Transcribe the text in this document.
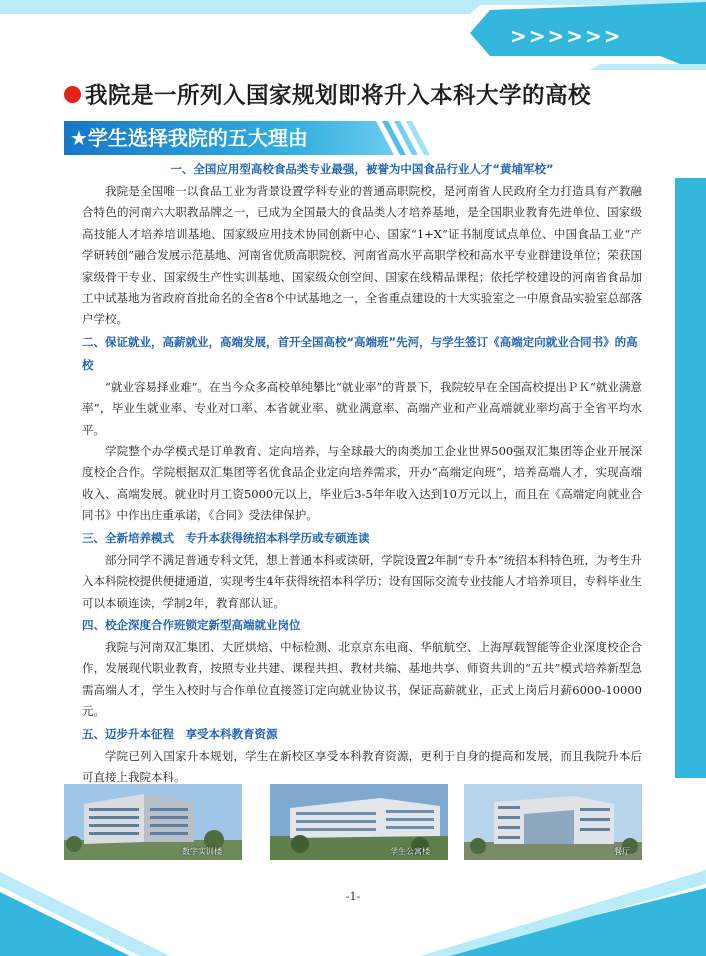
>>>>>>
我院是一所列入国家规划即将升入本科大学的高校
★学生选择我院的五大理由

一、全国应用型高校食品类专业最强，被誉为中国食品行业人才“黄埔军校”

我院是全国唯一以食品工业为背景设置学科专业的普通高职院校，是河南省人民政府全力打造具有产教融合特色的河南六大职教品牌之一，已成为全国最大的食品类人才培养基地，是全国职业教育先进单位、国家级高技能人才培养培训基地、国家级应用技术协同创新中心、国家“1+X”证书制度试点单位、中国食品工业“产学研转创”融合发展示范基地、河南省优质高职院校、河南省高水平高职学校和高水平专业群建设单位；荣获国家级骨干专业、国家级生产性实训基地、国家级众创空间、国家在线精品课程；依托学校建设的河南省食品加工中试基地为省政府首批命名的全省8个中试基地之一，全省重点建设的十大实验室之一中原食品实验室总部落户学校。

二、保证就业，高薪就业，高端发展，首开全国高校“高端班”先河，与学生签订《高端定向就业合同书》的高校

“就业容易择业难”。在当今众多高校单纯攀比“就业率”的背景下，我院较早在全国高校提出ＰＫ“就业满意率”，毕业生就业率、专业对口率、本省就业率、就业满意率、高端产业和产业高端就业率均高于全省平均水平。

学院整个办学模式是订单教育、定向培养，与全球最大的肉类加工企业世界500强双汇集团等企业开展深度校企合作。学院根据双汇集团等名优食品企业定向培养需求，开办“高端定向班”，培养高端人才，实现高端收入、高端发展。就业时月工资5000元以上，毕业后3-5年年收入达到10万元以上，而且在《高端定向就业合同书》中作出庄重承诺，《合同》受法律保护。

三、全新培养模式　专升本获得统招本科学历或专硕连读

部分同学不满足普通专科文凭，想上普通本科或读研，学院设置2年制“专升本”统招本科特色班，为考生升入本科院校提供便捷通道，实现考生4年获得统招本科学历；设有国际交流专业技能人才培养项目，专科毕业生可以本硕连读，学制2年，教育部认证。

四、校企深度合作班锁定新型高端就业岗位

我院与河南双汇集团、大匠烘焙、中标检测、北京京东电商、华航航空、上海厚载智能等企业深度校企合作，发展现代职业教育，按照专业共建、课程共担、教材共编、基地共享、师资共训的“五共”模式培养新型急需高端人才，学生入校时与合作单位直接签订定向就业协议书，保证高薪就业，正式上岗后月薪6000-10000元。

五、迈步升本征程　享受本科教育资源

学院已列入国家升本规划，学生在新校区享受本科教育资源，更利于自身的提高和发展，而且我院升本后可直接上我院本科。

数字实训楼	学生公寓楼	餐厅
-1-
